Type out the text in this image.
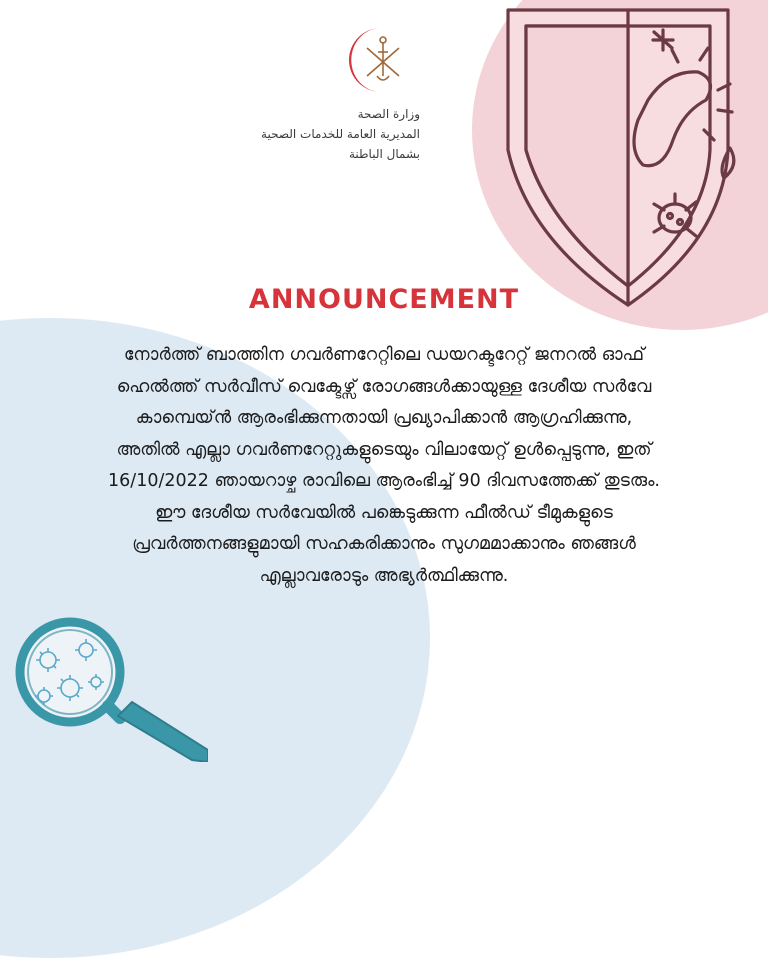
وزارة الصحة
المديرية العامة للخدمات الصحية
بشمال الباطنة
ANNOUNCEMENT
നോർത്ത് ബാത്തിന ഗവർണറേറ്റിലെ ഡയറക്ടറേറ്റ് ജനറൽ ഓഫ്
ഹെൽത്ത് സർവീസ് വെക്ടേഴ്സ് രോഗങ്ങൾക്കായുള്ള ദേശീയ സർവേ
കാമ്പെയ്ൻ ആരംഭിക്കുന്നതായി പ്രഖ്യാപിക്കാൻ ആഗ്രഹിക്കുന്നു,
അതിൽ എല്ലാ ഗവർണറേറ്റുകളുടെയും വിലായേറ്റ് ഉൾപ്പെടുന്നു, ഇത്
16/10/2022 ഞായറാഴ്ച രാവിലെ ആരംഭിച്ച് 90 ദിവസത്തേക്ക് തുടരും.
ഈ ദേശീയ സർവേയിൽ പങ്കെടുക്കുന്ന ഫീൽഡ് ടീമുകളുടെ
പ്രവർത്തനങ്ങളുമായി സഹകരിക്കാനും സുഗമമാക്കാനും ഞങ്ങൾ
എല്ലാവരോടും അഭ്യർത്ഥിക്കുന്നു.
